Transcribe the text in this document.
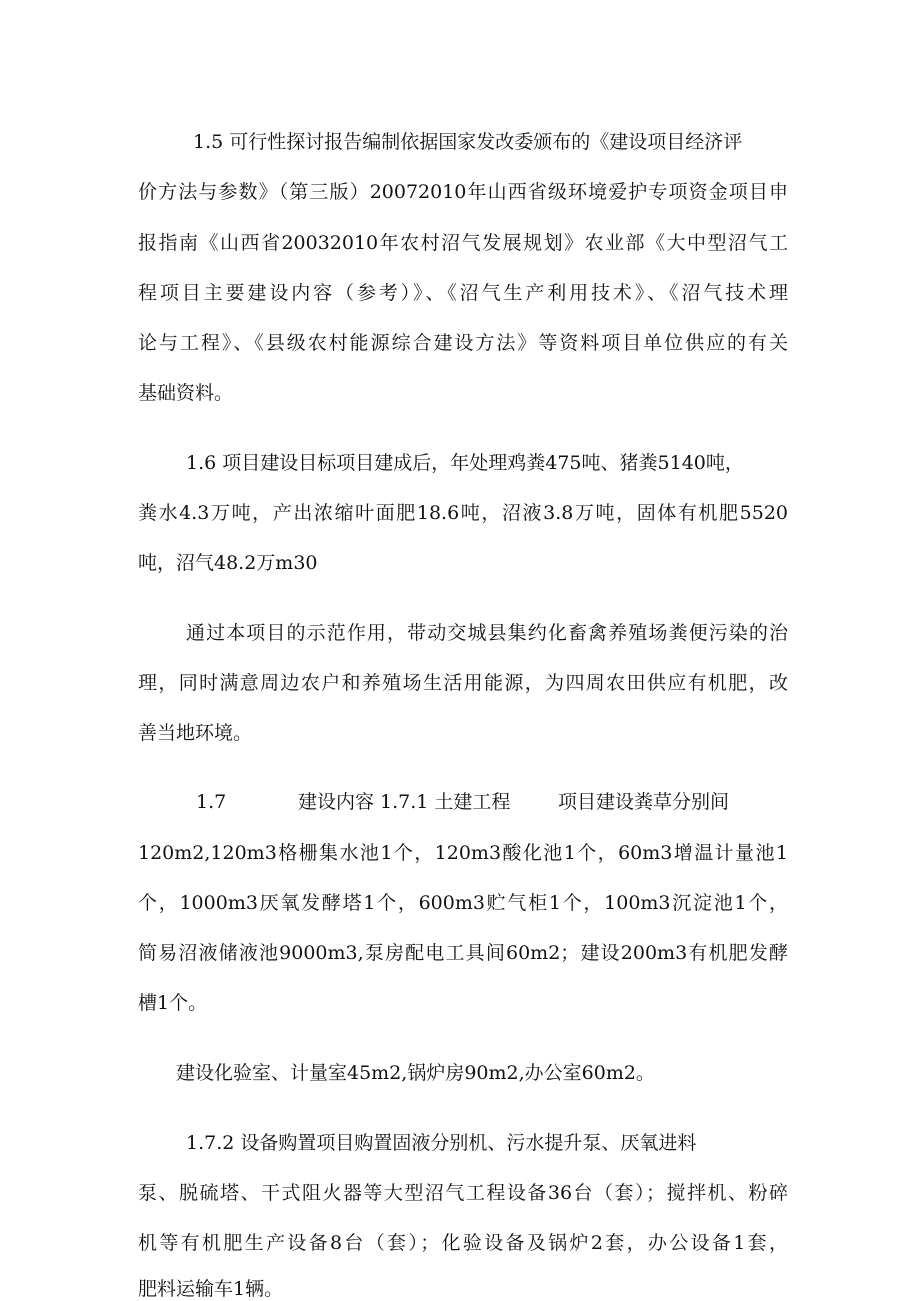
1.5 可行性探讨报告编制依据国家发改委颁布的《建设项目经济评
价方法与参数》（第三版）20072010年山西省级环境爱护专项资金项目申
报指南《山西省20032010年农村沼气发展规划》农业部《大中型沼气工
程项目主要建设内容（参考）》、《沼气生产利用技术》、《沼气技术理
论与工程》、《县级农村能源综合建设方法》等资料项目单位供应的有关
基础资料。
1.6 项目建设目标项目建成后，年处理鸡粪475吨、猪粪5140吨，
粪水4.3万吨，产出浓缩叶面肥18.6吨，沼液3.8万吨，固体有机肥5520
吨，沼气48.2万m30
通过本项目的示范作用，带动交城县集约化畜禽养殖场粪便污染的治
理，同时满意周边农户和养殖场生活用能源，为四周农田供应有机肥，改
善当地环境。
1.7	建设内容 1.7.1 土建工程	项目建设粪草分别间
120m2,120m3格栅集水池1个，120m3酸化池1个，60m3增温计量池1
个，1000m3厌氧发酵塔1个，600m3贮气柜1个，100m3沉淀池1个，
简易沼液储液池9000m3,泵房配电工具间60m2；建设200m3有机肥发酵
槽1个。
建设化验室、计量室45m2,锅炉房90m2,办公室60m2。
1.7.2 设备购置项目购置固液分别机、污水提升泵、厌氧进料
泵、脱硫塔、干式阻火器等大型沼气工程设备36台（套）；搅拌机、粉碎
机等有机肥生产设备8台（套）；化验设备及锅炉2套，办公设备1套，
肥料运输车1辆。
